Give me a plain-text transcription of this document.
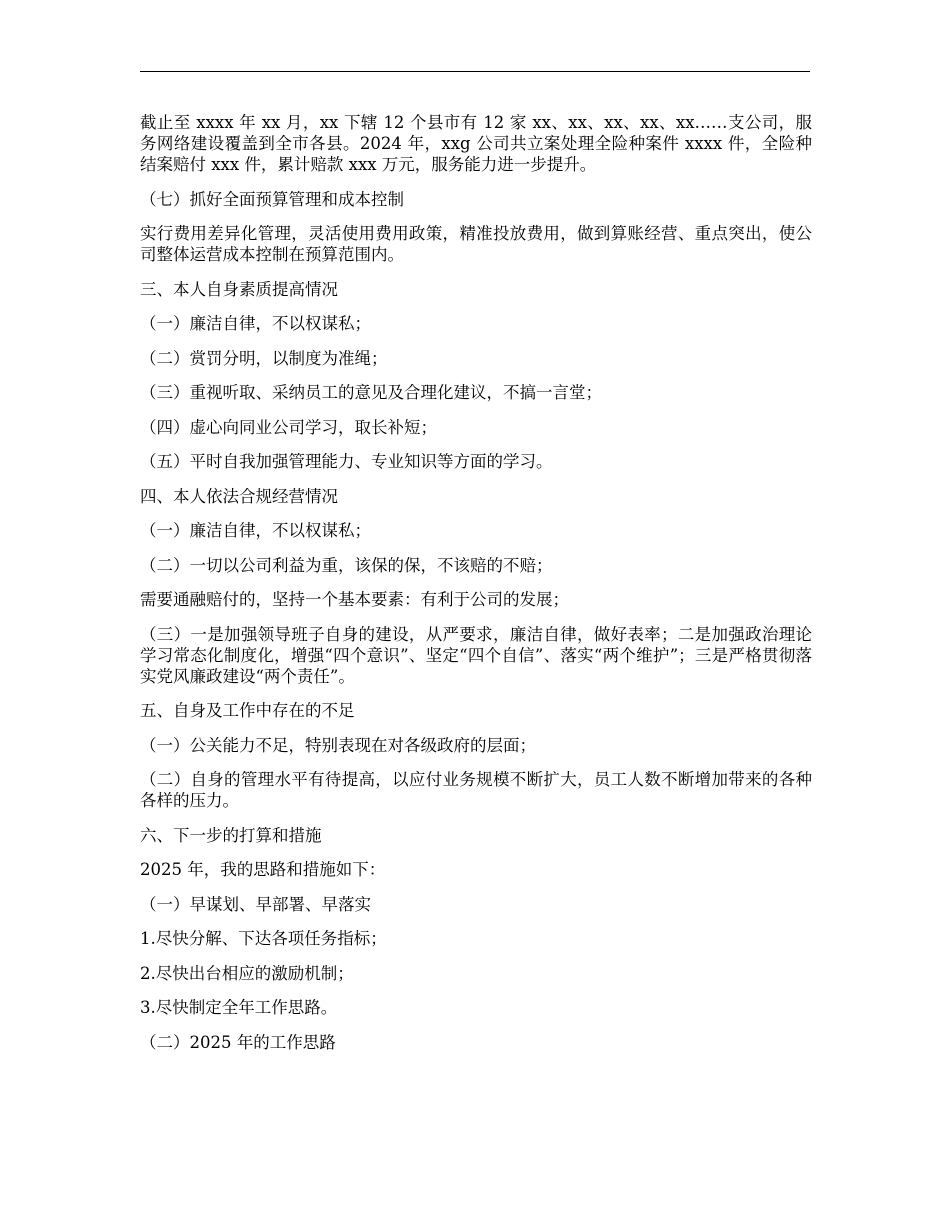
截止至 xxxx 年 xx 月，xx 下辖 12 个县市有 12 家 xx、xx、xx、xx、xx……支公司，服务网络建设覆盖到全市各县。2024 年，xxg 公司共立案处理全险种案件 xxxx 件，全险种结案赔付 xxx 件，累计赔款 xxx 万元，服务能力进一步提升。

（七）抓好全面预算管理和成本控制

实行费用差异化管理，灵活使用费用政策，精准投放费用，做到算账经营、重点突出，使公司整体运营成本控制在预算范围内。

三、本人自身素质提高情况

（一）廉洁自律，不以权谋私；

（二）赏罚分明，以制度为准绳；

（三）重视听取、采纳员工的意见及合理化建议，不搞一言堂；

（四）虚心向同业公司学习，取长补短；

（五）平时自我加强管理能力、专业知识等方面的学习。

四、本人依法合规经营情况

（一）廉洁自律，不以权谋私；

（二）一切以公司利益为重，该保的保，不该赔的不赔；

需要通融赔付的，坚持一个基本要素：有利于公司的发展；

（三）一是加强领导班子自身的建设，从严要求，廉洁自律，做好表率；二是加强政治理论学习常态化制度化，增强“四个意识”、坚定“四个自信”、落实“两个维护”；三是严格贯彻落实党风廉政建设“两个责任”。

五、自身及工作中存在的不足

（一）公关能力不足，特别表现在对各级政府的层面；

（二）自身的管理水平有待提高，以应付业务规模不断扩大，员工人数不断增加带来的各种各样的压力。

六、下一步的打算和措施

2025 年，我的思路和措施如下：

（一）早谋划、早部署、早落实

1.尽快分解、下达各项任务指标；

2.尽快出台相应的激励机制；

3.尽快制定全年工作思路。

（二）2025 年的工作思路
